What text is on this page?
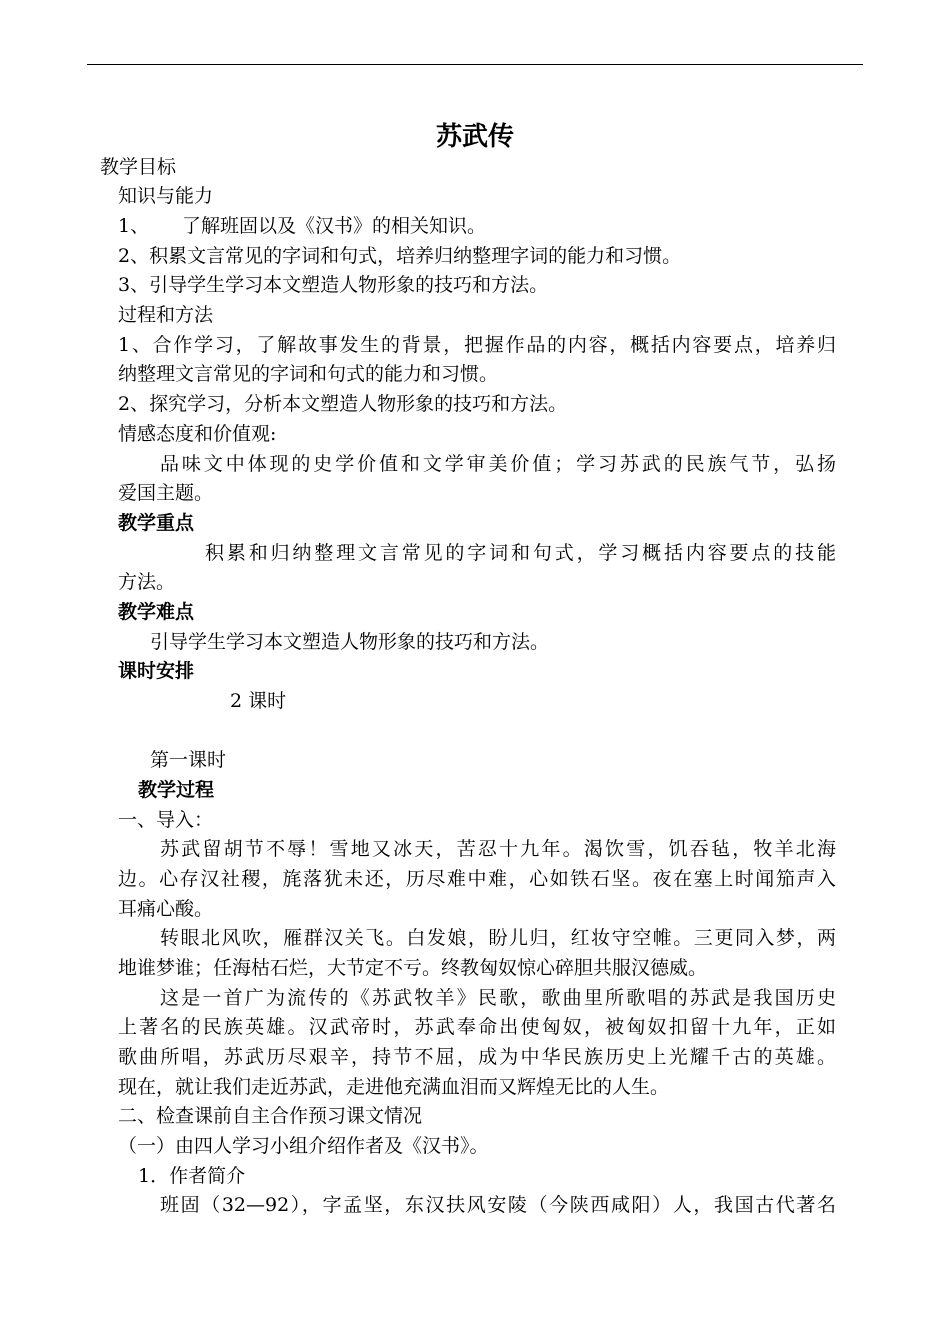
苏武传
教学目标
知识与能力
1、 了解班固以及《汉书》的相关知识。
2、积累文言常见的字词和句式，培养归纳整理字词的能力和习惯。
3、引导学生学习本文塑造人物形象的技巧和方法。
过程和方法
1、合作学习，了解故事发生的背景，把握作品的内容，概括内容要点，培养归
纳整理文言常见的字词和句式的能力和习惯。
2、探究学习，分析本文塑造人物形象的技巧和方法。
情感态度和价值观:
品味文中体现的史学价值和文学审美价值；学习苏武的民族气节，弘扬
爱国主题。
教学重点
积累和归纳整理文言常见的字词和句式，学习概括内容要点的技能
方法。
教学难点
引导学生学习本文塑造人物形象的技巧和方法。
课时安排
2 课时
第一课时
教学过程
一、导入：
苏武留胡节不辱！雪地又冰天，苦忍十九年。渴饮雪，饥吞毡，牧羊北海
边。心存汉社稷，旄落犹未还，历尽难中难，心如铁石坚。夜在塞上时闻笳声入
耳痛心酸。
转眼北风吹，雁群汉关飞。白发娘，盼儿归，红妆守空帷。三更同入梦，两
地谁梦谁；任海枯石烂，大节定不亏。终教匈奴惊心碎胆共服汉德威。
这是一首广为流传的《苏武牧羊》民歌，歌曲里所歌唱的苏武是我国历史
上著名的民族英雄。汉武帝时，苏武奉命出使匈奴，被匈奴扣留十九年，正如
歌曲所唱，苏武历尽艰辛，持节不屈，成为中华民族历史上光耀千古的英雄。
现在，就让我们走近苏武，走进他充满血泪而又辉煌无比的人生。
二、检查课前自主合作预习课文情况
（一）由四人学习小组介绍作者及《汉书》。
1．作者简介
班固（32—92），字孟坚，东汉扶风安陵（今陕西咸阳）人，我国古代著名
